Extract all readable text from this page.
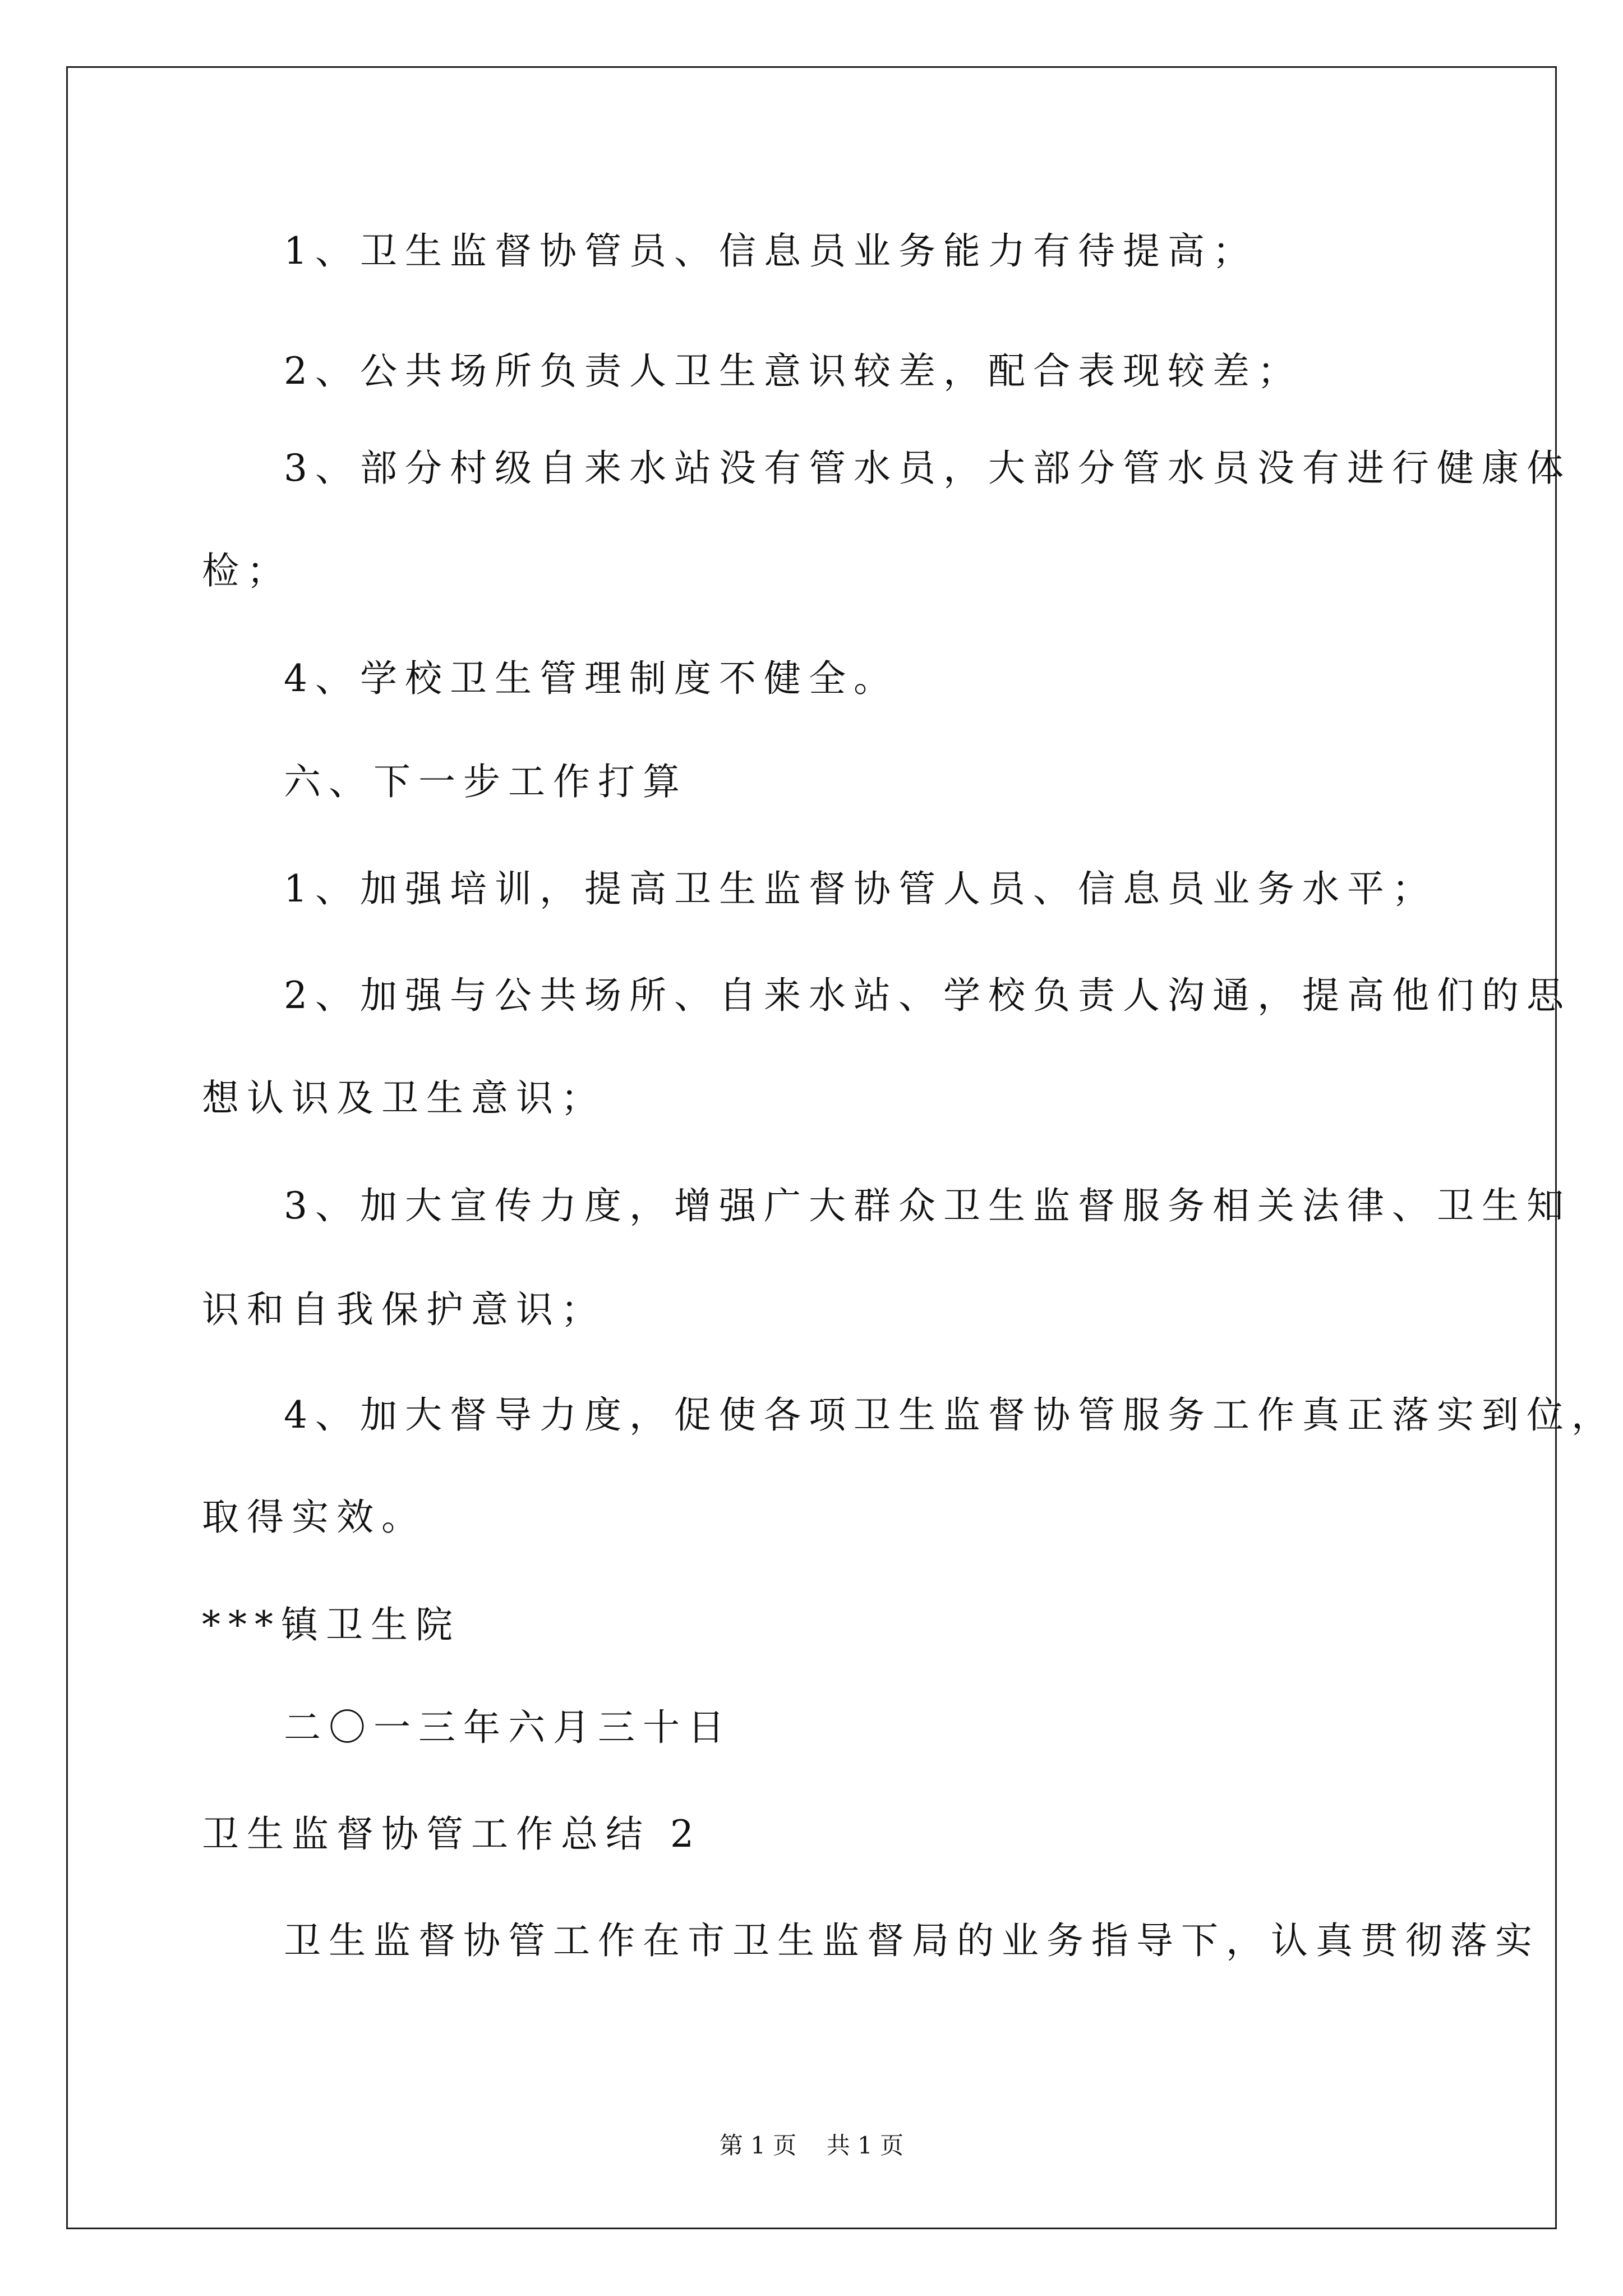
1、卫生监督协管员、信息员业务能力有待提高；
2、公共场所负责人卫生意识较差，配合表现较差；
3、部分村级自来水站没有管水员，大部分管水员没有进行健康体
检；
4、学校卫生管理制度不健全。
六、下一步工作打算
1、加强培训，提高卫生监督协管人员、信息员业务水平；
2、加强与公共场所、自来水站、学校负责人沟通，提高他们的思
想认识及卫生意识；
3、加大宣传力度，增强广大群众卫生监督服务相关法律、卫生知
识和自我保护意识；
4、加大督导力度，促使各项卫生监督协管服务工作真正落实到位，
取得实效。
***镇卫生院
二〇一三年六月三十日
卫生监督协管工作总结 2
卫生监督协管工作在市卫生监督局的业务指导下，认真贯彻落实
第 1 页    共 1 页
